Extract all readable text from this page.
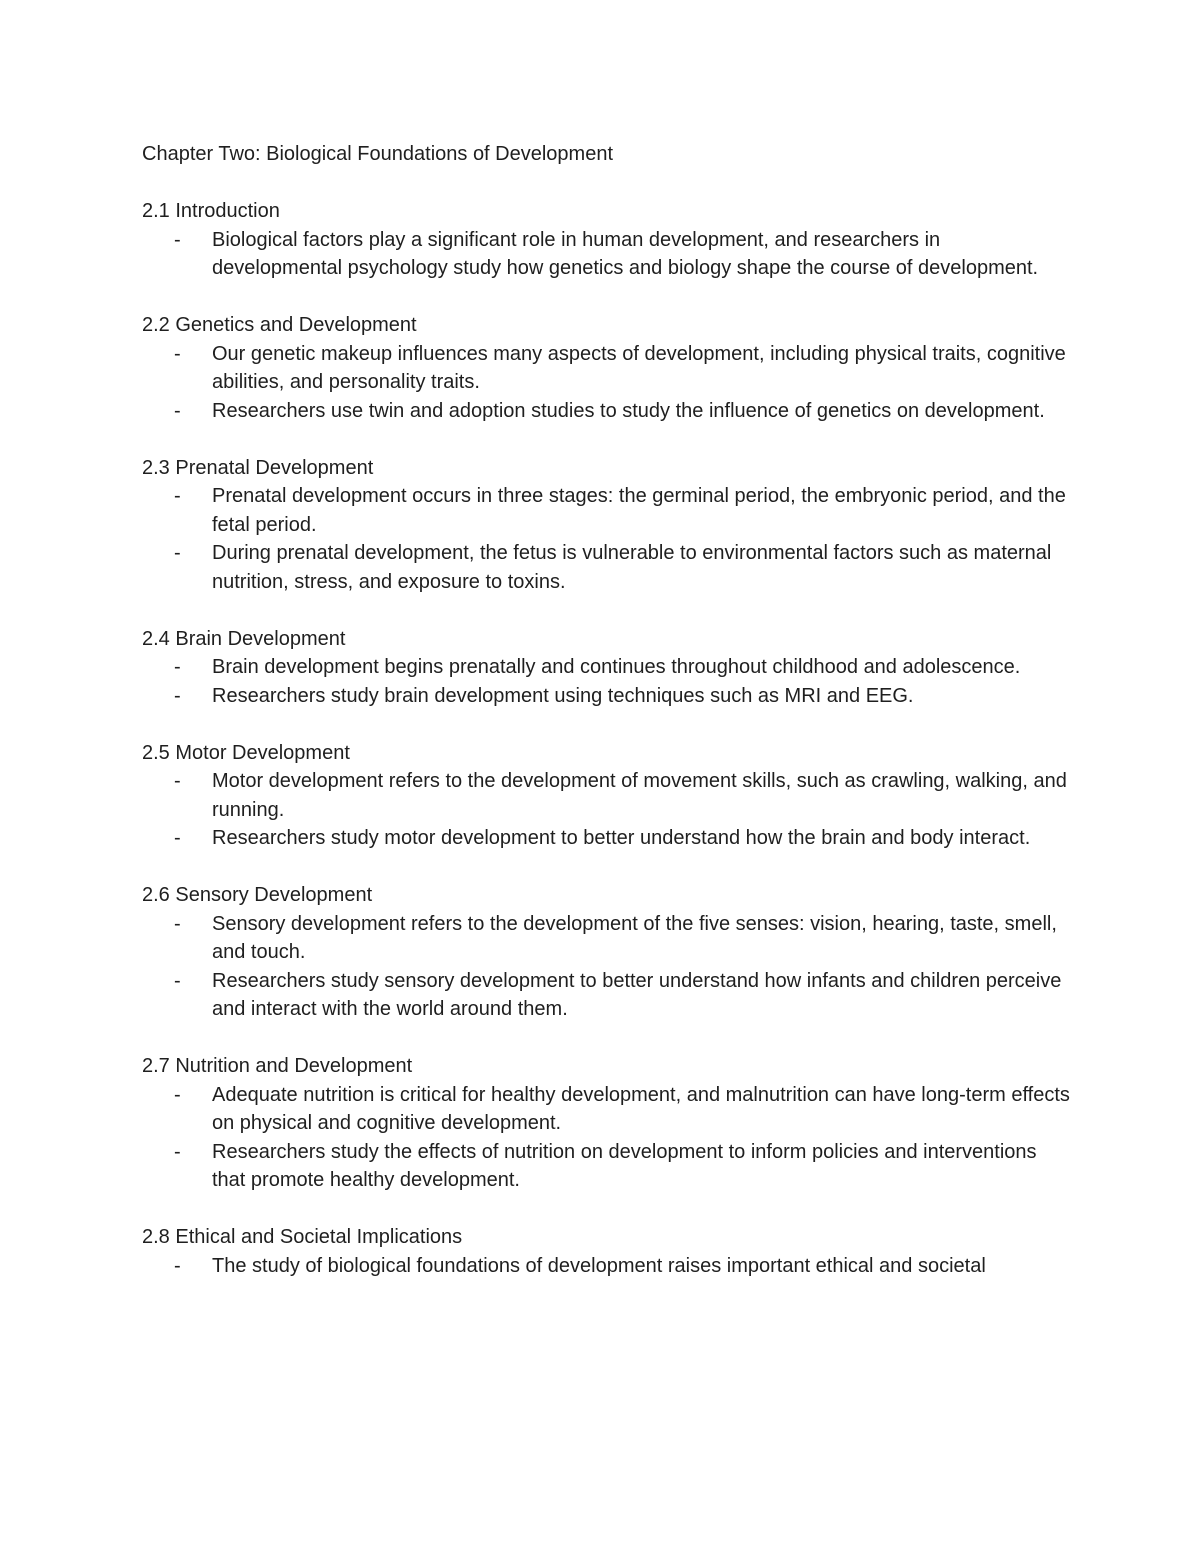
Chapter Two: Biological Foundations of Development
2.1 Introduction
- Biological factors play a significant role in human development, and researchers in developmental psychology study how genetics and biology shape the course of development.
2.2 Genetics and Development
- Our genetic makeup influences many aspects of development, including physical traits, cognitive abilities, and personality traits.
- Researchers use twin and adoption studies to study the influence of genetics on development.
2.3 Prenatal Development
- Prenatal development occurs in three stages: the germinal period, the embryonic period, and the fetal period.
- During prenatal development, the fetus is vulnerable to environmental factors such as maternal nutrition, stress, and exposure to toxins.
2.4 Brain Development
- Brain development begins prenatally and continues throughout childhood and adolescence.
- Researchers study brain development using techniques such as MRI and EEG.
2.5 Motor Development
- Motor development refers to the development of movement skills, such as crawling, walking, and running.
- Researchers study motor development to better understand how the brain and body interact.
2.6 Sensory Development
- Sensory development refers to the development of the five senses: vision, hearing, taste, smell, and touch.
- Researchers study sensory development to better understand how infants and children perceive and interact with the world around them.
2.7 Nutrition and Development
- Adequate nutrition is critical for healthy development, and malnutrition can have long-term effects on physical and cognitive development.
- Researchers study the effects of nutrition on development to inform policies and interventions that promote healthy development.
2.8 Ethical and Societal Implications
- The study of biological foundations of development raises important ethical and societal
